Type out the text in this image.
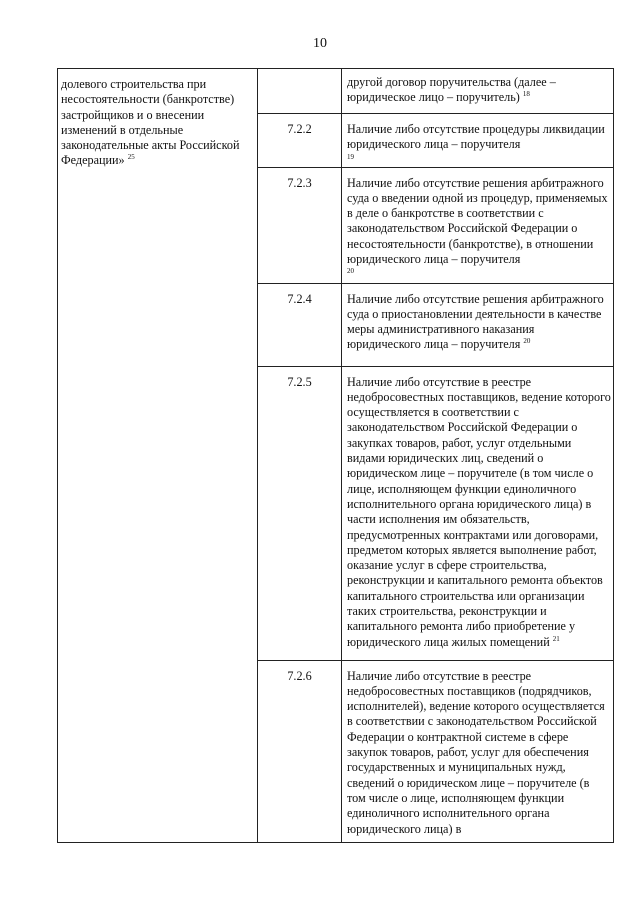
10
долевого строительства при несостоятельности (банкротстве) застройщиков и о внесении изменений в отдельные законодательные акты Российской Федерации» $^{25}$		другой договор поручительства (далее – юридическое лицо – поручитель) $^{18}$

	7.2.2	Наличие либо отсутствие процедуры ликвидации юридического лица – поручителя
19

	7.2.3	Наличие либо отсутствие решения арбитражного суда о введении одной из процедур, применяемых в деле о банкротстве в соответствии с законодательством Российской Федерации о несостоятельности (банкротстве), в отношении юридического лица – поручителя
20

	7.2.4	Наличие либо отсутствие решения арбитражного суда о приостановлении деятельности в качестве меры административного наказания юридического лица – поручителя $^{20}$

	7.2.5	Наличие либо отсутствие в реестре недобросовестных поставщиков, ведение которого осуществляется в соответствии с законодательством Российской Федерации о закупках товаров, работ, услуг отдельными видами юридических лиц, сведений о юридическом лице – поручителе (в том числе о лице, исполняющем функции единоличного исполнительного органа юридического лица) в части исполнения им обязательств, предусмотренных контрактами или договорами, предметом которых является выполнение работ, оказание услуг в сфере строительства, реконструкции и капитального ремонта объектов капитального строительства или организации таких строительства, реконструкции и капитального ремонта либо приобретение у юридического лица жилых помещений $^{21}$

	7.2.6	Наличие либо отсутствие в реестре недобросовестных поставщиков (подрядчиков, исполнителей), ведение которого осуществляется в соответствии с законодательством Российской Федерации о контрактной системе в сфере закупок товаров, работ, услуг для обеспечения государственных и муниципальных нужд, сведений о юридическом лице – поручителе (в том числе о лице, исполняющем функции единоличного исполнительного органа юридического лица) в
